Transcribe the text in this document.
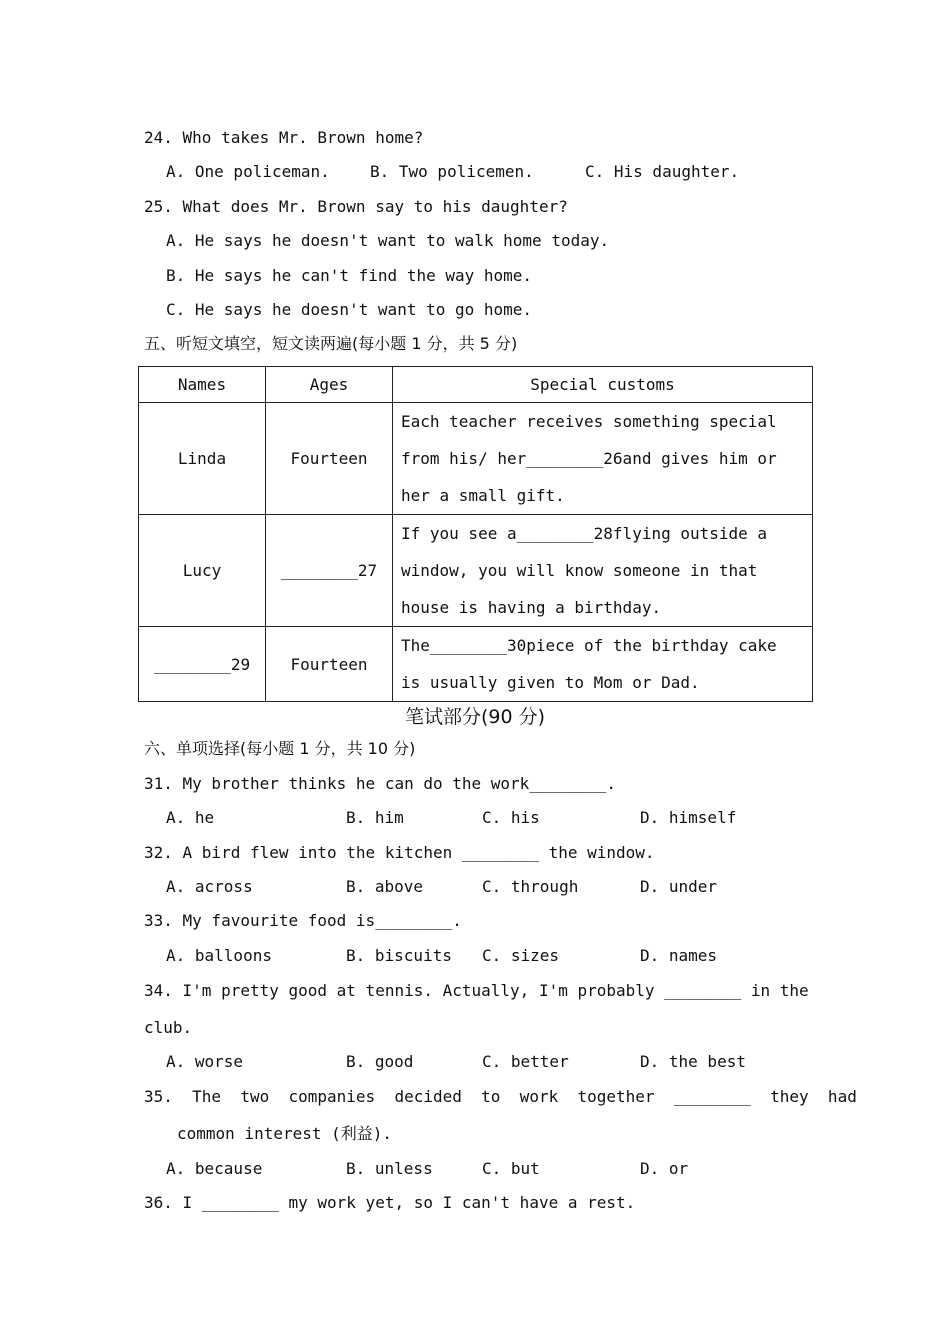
24. Who takes Mr. Brown home?
A. One policeman.	B. Two policemen.	C. His daughter.
25. What does Mr. Brown say to his daughter?
A. He says he doesn't want to walk home today.
B. He says he can't find the way home.
C. He says he doesn't want to go home.
五、听短文填空，短文读两遍(每小题 1 分，共 5 分)
Names	Ages	Special customs
Linda	Fourteen	Each teacher receives something special from his/ her________26and gives him or her a small gift.
Lucy	________27	If you see a________28flying outside a window, you will know someone in that house is having a birthday.
________29	Fourteen	The________30piece of the birthday cake is usually given to Mom or Dad.
笔试部分(90 分)
六、单项选择(每小题 1 分，共 10 分)
31. My brother thinks he can do the work________.
A. he	B. him	C. his	D. himself
32. A bird flew into the kitchen ________ the window.
A. across	B. above	C. through	D. under
33. My favourite food is________.
A. balloons	B. biscuits C. sizes	D. names
34. I'm pretty good at tennis. Actually, I'm probably ________ in the
club.
A. worse	B. good	C. better	D. the best
35.  The  two  companies  decided  to  work  together  ________  they  had
common interest (利益).
A. because	B. unless	C. but	D. or
36. I ________ my work yet, so I can't have a rest.
